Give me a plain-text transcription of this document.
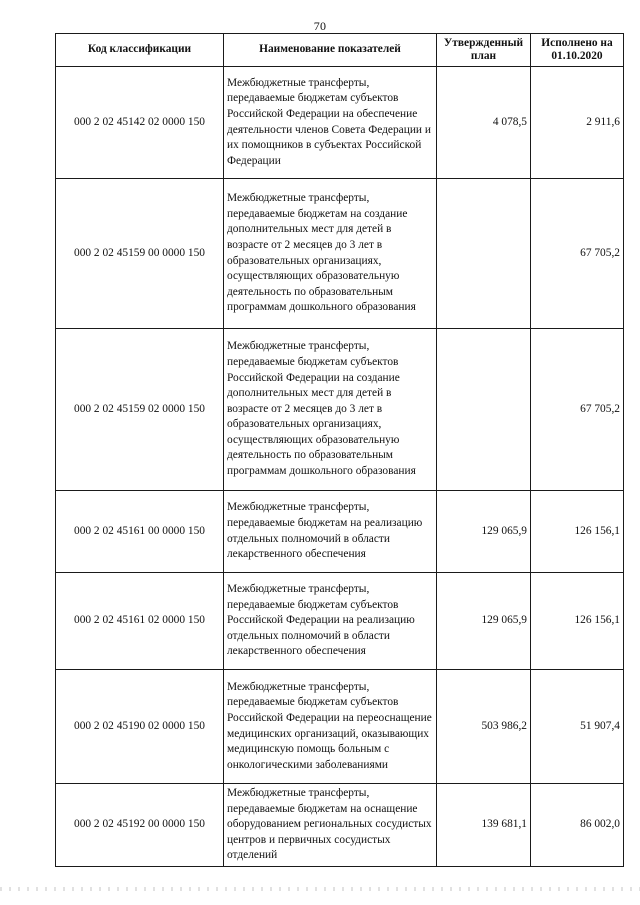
70
Код классификации	Наименование показателей	Утвержденный план	Исполнено на 01.10.2020
000 2 02 45142 02 0000 150	Межбюджетные трансферты, передаваемые бюджетам субъектов Российской Федерации на обеспечение деятельности членов Совета Федерации и их помощников в субъектах Российской Федерации	4 078,5	2 911,6
000 2 02 45159 00 0000 150	Межбюджетные трансферты, передаваемые бюджетам на создание дополнительных мест для детей в возрасте от 2 месяцев до 3 лет в образовательных организациях, осуществляющих образовательную деятельность по образовательным программам дошкольного образования		67 705,2
000 2 02 45159 02 0000 150	Межбюджетные трансферты, передаваемые бюджетам субъектов Российской Федерации на создание дополнительных мест для детей в возрасте от 2 месяцев до 3 лет в образовательных организациях, осуществляющих образовательную деятельность по образовательным программам дошкольного образования		67 705,2
000 2 02 45161 00 0000 150	Межбюджетные трансферты, передаваемые бюджетам на реализацию отдельных полномочий в области лекарственного обеспечения	129 065,9	126 156,1
000 2 02 45161 02 0000 150	Межбюджетные трансферты, передаваемые бюджетам субъектов Российской Федерации на реализацию отдельных полномочий в области лекарственного обеспечения	129 065,9	126 156,1
000 2 02 45190 02 0000 150	Межбюджетные трансферты, передаваемые бюджетам субъектов Российской Федерации на переоснащение медицинских организаций, оказывающих медицинскую помощь больным с онкологическими заболеваниями	503 986,2	51 907,4
000 2 02 45192 00 0000 150	Межбюджетные трансферты, передаваемые бюджетам на оснащение оборудованием региональных сосудистых центров и первичных сосудистых отделений	139 681,1	86 002,0
